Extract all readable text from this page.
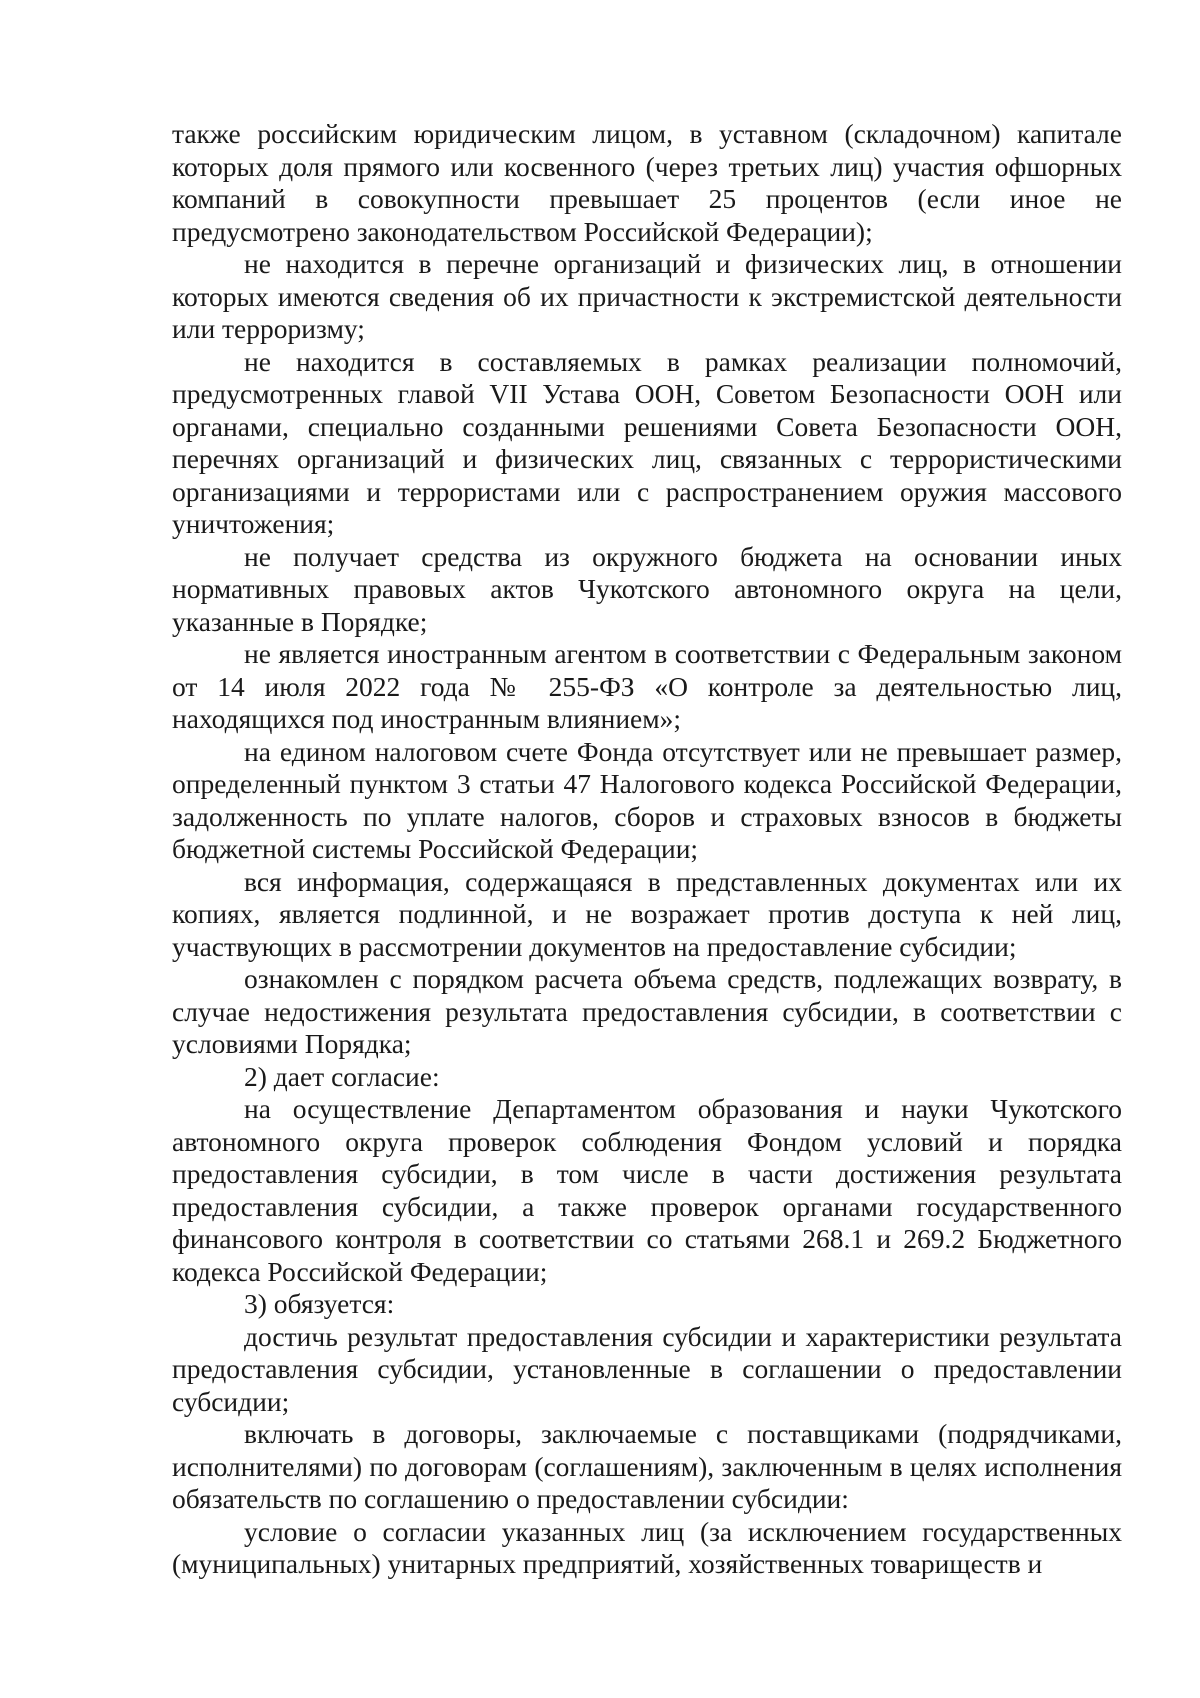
также российским юридическим лицом, в уставном (складочном) капитале которых доля прямого или косвенного (через третьих лиц) участия офшорных компаний в совокупности превышает 25 процентов (если иное не предусмотрено законодательством Российской Федерации);

не находится в перечне организаций и физических лиц, в отношении которых имеются сведения об их причастности к экстремистской деятельности или терроризму;

не находится в составляемых в рамках реализации полномочий, предусмотренных главой VII Устава ООН, Советом Безопасности ООН или органами, специально созданными решениями Совета Безопасности ООН, перечнях организаций и физических лиц, связанных с террористическими организациями и террористами или с распространением оружия массового уничтожения;

не получает средства из окружного бюджета на основании иных нормативных правовых актов Чукотского автономного округа на цели, указанные в Порядке;

не является иностранным агентом в соответствии с Федеральным законом от 14 июля 2022 года № 255-ФЗ «О контроле за деятельностью лиц, находящихся под иностранным влиянием»;

на едином налоговом счете Фонда отсутствует или не превышает размер, определенный пунктом 3 статьи 47 Налогового кодекса Российской Федерации, задолженность по уплате налогов, сборов и страховых взносов в бюджеты бюджетной системы Российской Федерации;

вся информация, содержащаяся в представленных документах или их копиях, является подлинной, и не возражает против доступа к ней лиц, участвующих в рассмотрении документов на предоставление субсидии;

ознакомлен с порядком расчета объема средств, подлежащих возврату, в случае недостижения результата предоставления субсидии, в соответствии с условиями Порядка;

2) дает согласие:

на осуществление Департаментом образования и науки Чукотского автономного округа проверок соблюдения Фондом условий и порядка предоставления субсидии, в том числе в части достижения результата предоставления субсидии, а также проверок органами государственного финансового контроля в соответствии со статьями 268.1 и 269.2 Бюджетного кодекса Российской Федерации;

3) обязуется:

достичь результат предоставления субсидии и характеристики результата предоставления субсидии, установленные в соглашении о предоставлении субсидии;

включать в договоры, заключаемые с поставщиками (подрядчиками, исполнителями) по договорам (соглашениям), заключенным в целях исполнения обязательств по соглашению о предоставлении субсидии:

условие о согласии указанных лиц (за исключением государственных (муниципальных) унитарных предприятий, хозяйственных товариществ и
